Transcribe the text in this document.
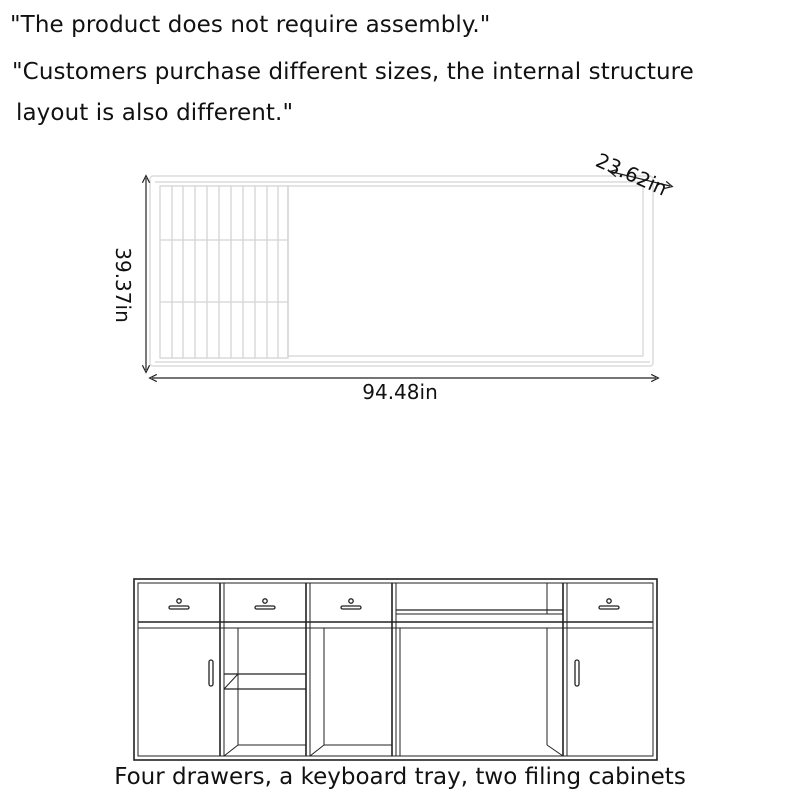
"The product does not require assembly."
"Customers purchase different sizes, the internal structure
layout is also different."
94.48in
39.37in
23.62in
Four drawers, a keyboard tray, two filing cabinets
